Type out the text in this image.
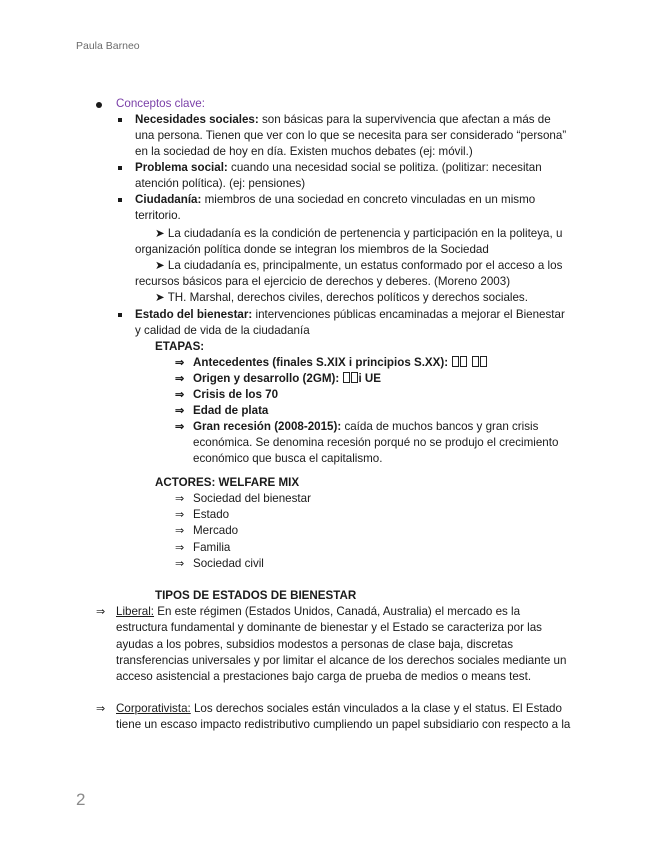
Paula Barneo
Conceptos clave:
Necesidades sociales: son básicas para la supervivencia que afectan a más de
una persona. Tienen que ver con lo que se necesita para ser considerado “persona”
en la sociedad de hoy en día. Existen muchos debates (ej: móvil.)
Problema social: cuando una necesidad social se politiza. (politizar: necesitan
atención política). (ej: pensiones)
Ciudadanía: miembros de una sociedad en concreto vinculadas en un mismo
territorio.
➤ La ciudadanía es la condición de pertenencia y participación en la politeya, u
organización política donde se integran los miembros de la Sociedad
➤ La ciudadanía es, principalmente, un estatus conformado por el acceso a los
recursos básicos para el ejercicio de derechos y deberes. (Moreno 2003)
➤ TH. Marshal, derechos civiles, derechos políticos y derechos sociales.
Estado del bienestar: intervenciones públicas encaminadas a mejorar el Bienestar
y calidad de vida de la ciudadanía
ETAPAS:
⇒ Antecedentes (finales S.XIX i principios S.XX):
⇒ Origen y desarrollo (2GM): i UE
⇒ Crisis de los 70
⇒ Edad de plata
⇒ Gran recesión (2008-2015): caída de muchos bancos y gran crisis
económica. Se denomina recesión porqué no se produjo el crecimiento
económico que busca el capitalismo.
ACTORES: WELFARE MIX
⇒ Sociedad del bienestar
⇒ Estado
⇒ Mercado
⇒ Familia
⇒ Sociedad civil
TIPOS DE ESTADOS DE BIENESTAR
⇒ Liberal: En este régimen (Estados Unidos, Canadá, Australia) el mercado es la
estructura fundamental y dominante de bienestar y el Estado se caracteriza por las
ayudas a los pobres, subsidios modestos a personas de clase baja, discretas
transferencias universales y por limitar el alcance de los derechos sociales mediante un
acceso asistencial a prestaciones bajo carga de prueba de medios o means test.
⇒ Corporativista: Los derechos sociales están vinculados a la clase y el status. El Estado
tiene un escaso impacto redistributivo cumpliendo un papel subsidiario con respecto a la
2
